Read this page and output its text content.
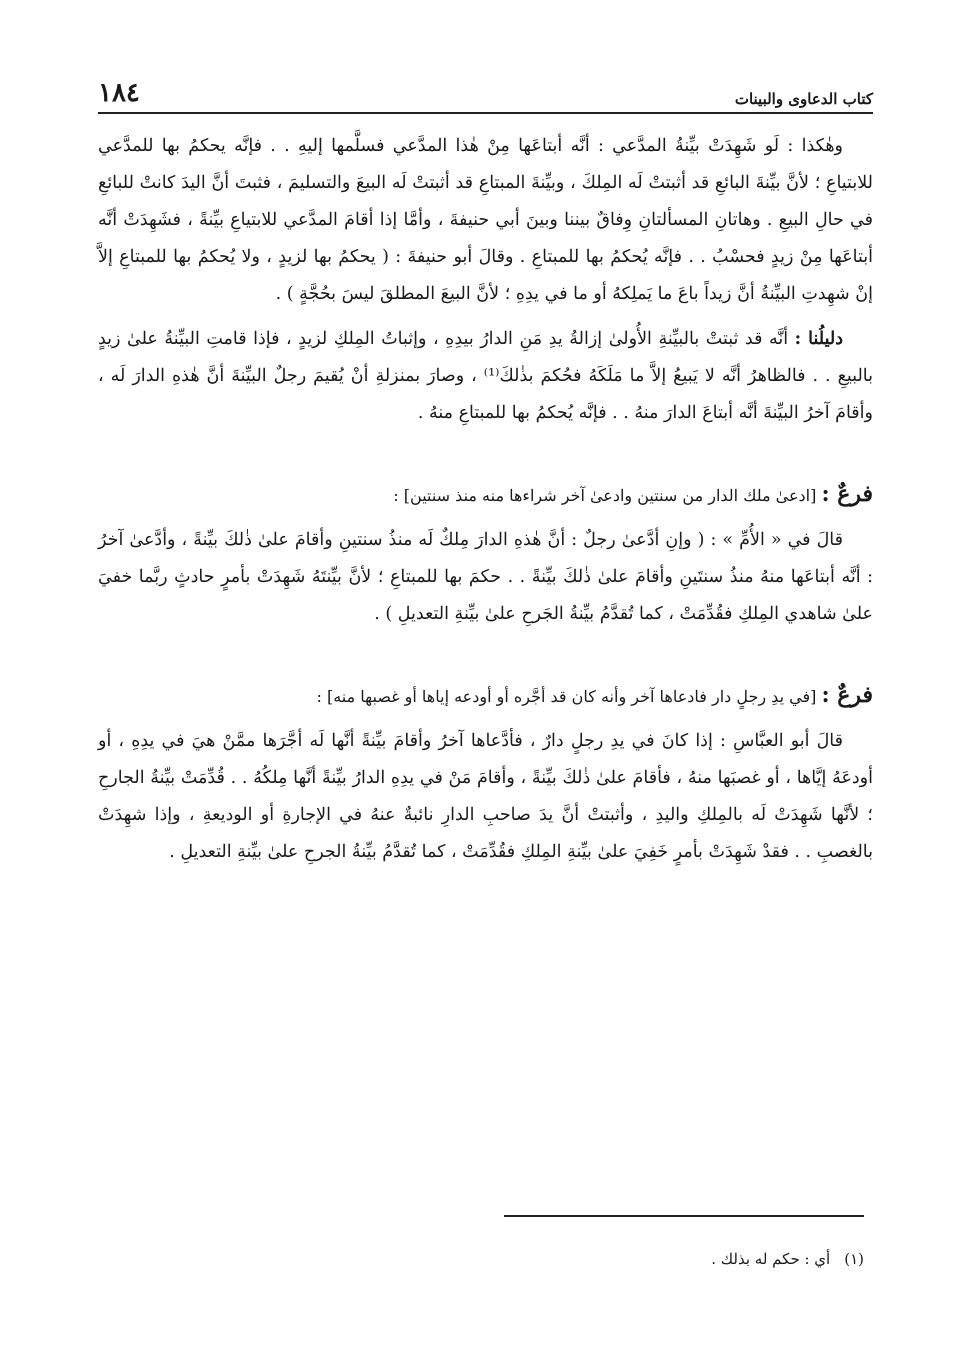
كتاب الدعاوى والبينات
١٨٤

وهٰكذا : لَو شَهِدَتْ بيِّنةُ المدَّعي : أنَّه أبتاعَها مِنْ هٰذا المدَّعي فسلَّمها إليهِ . . فإنَّه يحكمُ بها للمدَّعي للابتياعِ ؛ لأنَّ بيِّنةَ البائعِ قد أثبتتْ لَه المِلكَ ، وبيِّنةَ المبتاعِ قد أثبتتْ لَه البيعَ والتسليمَ ، فثبتَ أنَّ اليدَ كانتْ للبائعِ في حالِ البيعِ . وهاتانِ المسألتانِ وِفاقٌ بيننا وبينَ أبي حنيفةَ ، وأمَّا إذا أقامَ المدَّعي للابتياعِ بيِّنةً ، فشَهِدَتْ أنَّه أبتاعَها مِنْ زيدٍ فحسْبُ . . فإنَّه يُحكمُ بها للمبتاعِ . وقالَ أبو حنيفةَ : ( يحكمُ بها لزيدٍ ، ولا يُحكمُ بها للمبتاعِ إلاَّ إنْ شهِدتِ البيِّنةُ أنَّ زيداً باعَ ما يَملِكهُ أو ما في يدِهِ ؛ لأنَّ البيعَ المطلقَ ليسَ بحُجَّةٍ ) .

دليلُنا : أنَّه قد ثبتتْ بالبيِّنةِ الأُولىٰ إزالةُ يدِ مَنِ الدارُ بيدِهِ ، وإثباتُ المِلكِ لزيدٍ ، فإذا قامتِ البيِّنةُ علىٰ زيدٍ بالبيعِ . . فالظاهرُ أنَّه لا يَبيعُ إلاَّ ما مَلَكَهُ فحُكمَ بذٰلكَ⁽¹⁾ ، وصارَ بمنزلةِ أنْ يُقيمَ رجلٌ البيِّنةَ أنَّ هٰذهِ الدارَ لَه ، وأقامَ آخرُ البيِّنةَ أنَّه أبتاعَ الدارَ منهُ . . فإنَّه يُحكمُ بها للمبتاعِ منهُ .

فرعٌ : [ادعىٰ ملك الدار من سنتين وادعىٰ آخر شراءها منه منذ سنتين] :

قالَ في « الأُمِّ » : ( وإنِ أدَّعىٰ رجلٌ : أنَّ هٰذهِ الدارَ مِلكٌ لَه منذُ سنتينِ وأقامَ علىٰ ذٰلكَ بيِّنةً ، وأدَّعىٰ آخرُ : أنَّه أبتاعَها منهُ منذُ سنتَينِ وأقامَ علىٰ ذٰلكَ بيِّنةً . . حكمَ بها للمبتاعِ ؛ لأنَّ بيِّنتَهُ شَهِدَتْ بأمرٍ حادثٍ ربَّما خفيَ علىٰ شاهدي المِلكِ فقُدِّمَتْ ، كما تُقدَّمُ بيِّنةُ الجَرحِ علىٰ بيِّنةِ التعديلِ ) .

فرعٌ : [في يدِ رجلٍ دار فادعاها آخر وأنه كان قد أجَّره أو أودعه إياها أو غصبها منه] :

قالَ أبو العبَّاسِ : إذا كانَ في يدِ رجلٍ دارٌ ، فأدَّعاها آخرُ وأقامَ بيِّنةً أنَّها لَه أجَّرَها ممَّنْ هيَ في يدِهِ ، أو أودعَهُ إيَّاها ، أو غصبَها منهُ ، فأقامَ علىٰ ذٰلكَ بيِّنةً ، وأقامَ مَنْ في يدِهِ الدارُ بيِّنةً أنَّها مِلكُهُ . . قُدِّمَتْ بيِّنةُ الجارحِ ؛ لأنَّها شَهِدَتْ لَه بالمِلكِ واليدِ ، وأثبتتْ أنَّ يدَ صاحبِ الدارِ نائبةٌ عنهُ في الإجارةِ أو الوديعةِ ، وإذا شهِدَتْ بالغصبِ . . فقدْ شَهِدَتْ بأمرٍ خَفِيَ علىٰ بيِّنةِ المِلكِ فقُدِّمَتْ ، كما تُقدَّمُ بيِّنةُ الجرحِ علىٰ بيِّنةِ التعديلِ .

(١)أي : حكم له بذلك .
